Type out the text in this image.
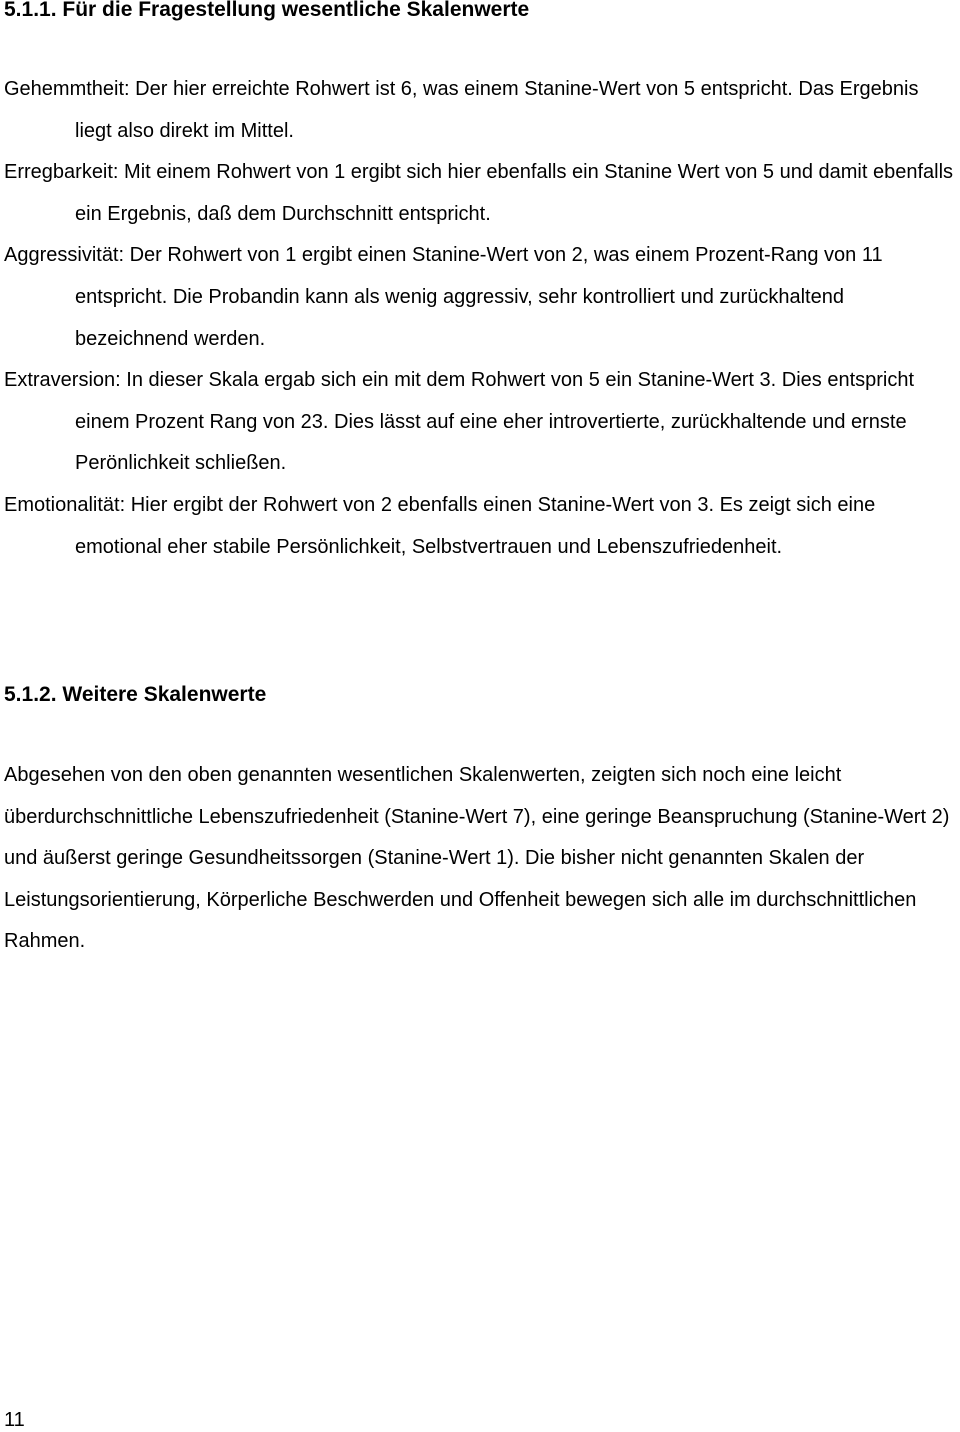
5.1.1. Für die Fragestellung wesentliche Skalenwerte
Gehemmtheit: Der hier erreichte Rohwert ist 6, was einem Stanine-Wert von 5 entspricht. Das Ergebnis liegt also direkt im Mittel.
Erregbarkeit: Mit einem Rohwert von 1 ergibt sich hier ebenfalls ein Stanine Wert von 5 und damit ebenfalls ein Ergebnis, daß dem Durchschnitt entspricht.
Aggressivität: Der Rohwert von 1 ergibt einen Stanine-Wert von 2, was einem Prozent-Rang von 11 entspricht. Die Probandin kann als wenig aggressiv, sehr kontrolliert und zurückhaltend bezeichnend werden.
Extraversion: In dieser Skala ergab sich ein mit dem Rohwert von 5 ein Stanine-Wert 3. Dies entspricht einem Prozent Rang von 23. Dies lässt auf eine eher introvertierte, zurückhaltende und ernste Perönlichkeit schließen.
Emotionalität: Hier ergibt der Rohwert von 2 ebenfalls einen Stanine-Wert von 3. Es zeigt sich eine emotional eher stabile Persönlichkeit, Selbstvertrauen und Lebenszufriedenheit.
5.1.2. Weitere Skalenwerte

Abgesehen von den oben genannten wesentlichen Skalenwerten, zeigten sich noch eine leicht überdurchschnittliche Lebenszufriedenheit (Stanine-Wert 7), eine geringe Beanspruchung (Stanine-Wert 2) und äußerst geringe Gesundheitssorgen (Stanine-Wert 1). Die bisher nicht genannten Skalen der Leistungsorientierung, Körperliche Beschwerden und Offenheit bewegen sich alle im durchschnittlichen Rahmen.

11
